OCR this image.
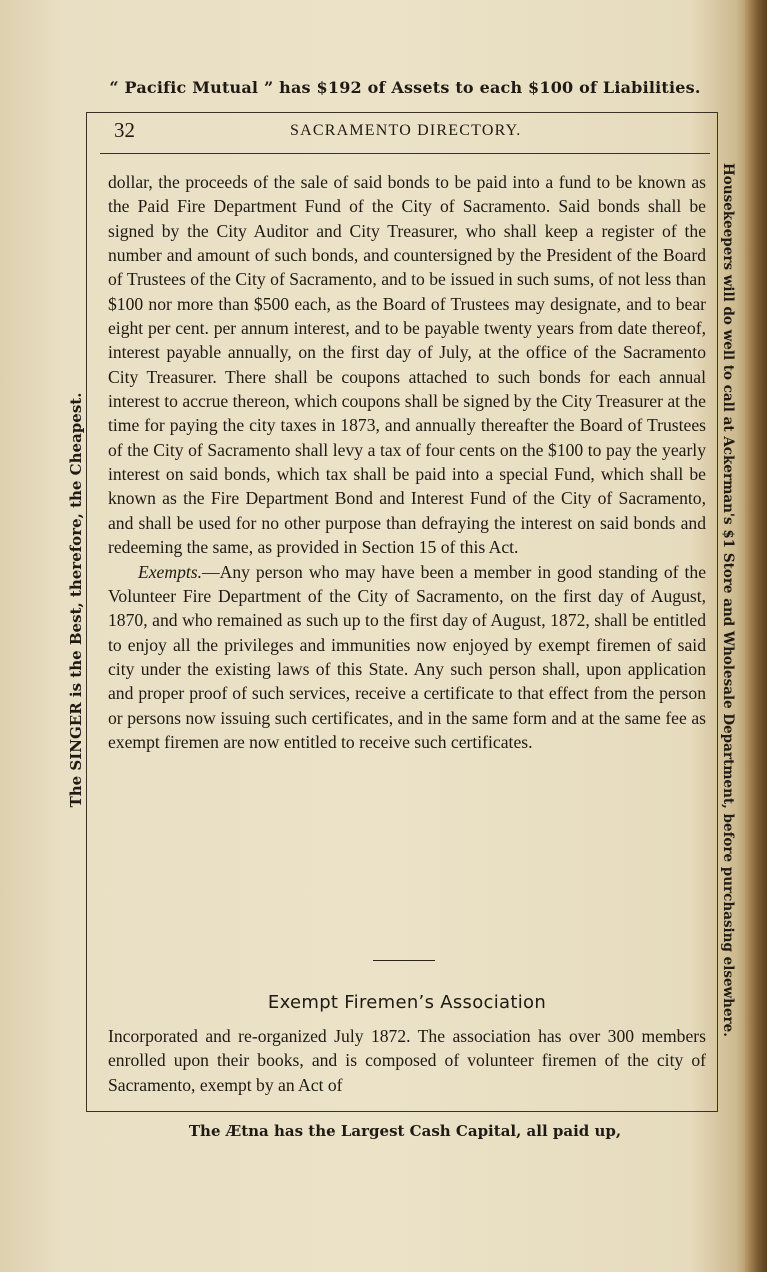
“ Pacific Mutual ” has $192 of Assets to each $100 of Liabilities.
The SINGER is the Best, therefore, the Cheapest.	Housekeepers will do well to call at Ackerman's $1 Store and Wholesale Department, before purchasing elsewhere.
32	SACRAMENTO DIRECTORY.

dollar, the proceeds of the sale of said bonds to be paid into a fund to be known as the Paid Fire Department Fund of the City of Sacramento. Said bonds shall be signed by the City Auditor and City Treasurer, who shall keep a register of the number and amount of such bonds, and countersigned by the President of the Board of Trustees of the City of Sacramento, and to be issued in such sums, of not less than $100 nor more than $500 each, as the Board of Trustees may designate, and to bear eight per cent. per annum interest, and to be payable twenty years from date thereof, interest payable annually, on the first day of July, at the office of the Sacramento City Treasurer. There shall be coupons attached to such bonds for each annual interest to accrue thereon, which coupons shall be signed by the City Treasurer at the time for paying the city taxes in 1873, and annually thereafter the Board of Trustees of the City of Sacramento shall levy a tax of four cents on the $100 to pay the yearly interest on said bonds, which tax shall be paid into a special Fund, which shall be known as the Fire Department Bond and Interest Fund of the City of Sacramento, and shall be used for no other purpose than defraying the interest on said bonds and redeeming the same, as provided in Section 15 of this Act.

Exempts.—Any person who may have been a member in good standing of the Volunteer Fire Department of the City of Sacramento, on the first day of August, 1870, and who remained as such up to the first day of August, 1872, shall be entitled to enjoy all the privileges and immunities now enjoyed by exempt firemen of said city under the existing laws of this State. Any such person shall, upon application and proper proof of such services, receive a certificate to that effect from the person or persons now issuing such certificates, and in the same form and at the same fee as exempt firemen are now entitled to receive such certificates.

Exempt Firemen’s Association

Incorporated and re-organized July 1872. The association has over 300 members enrolled upon their books, and is composed of volunteer firemen of the city of Sacramento, exempt by an Act of

The Ætna has the Largest Cash Capital, all paid up,
